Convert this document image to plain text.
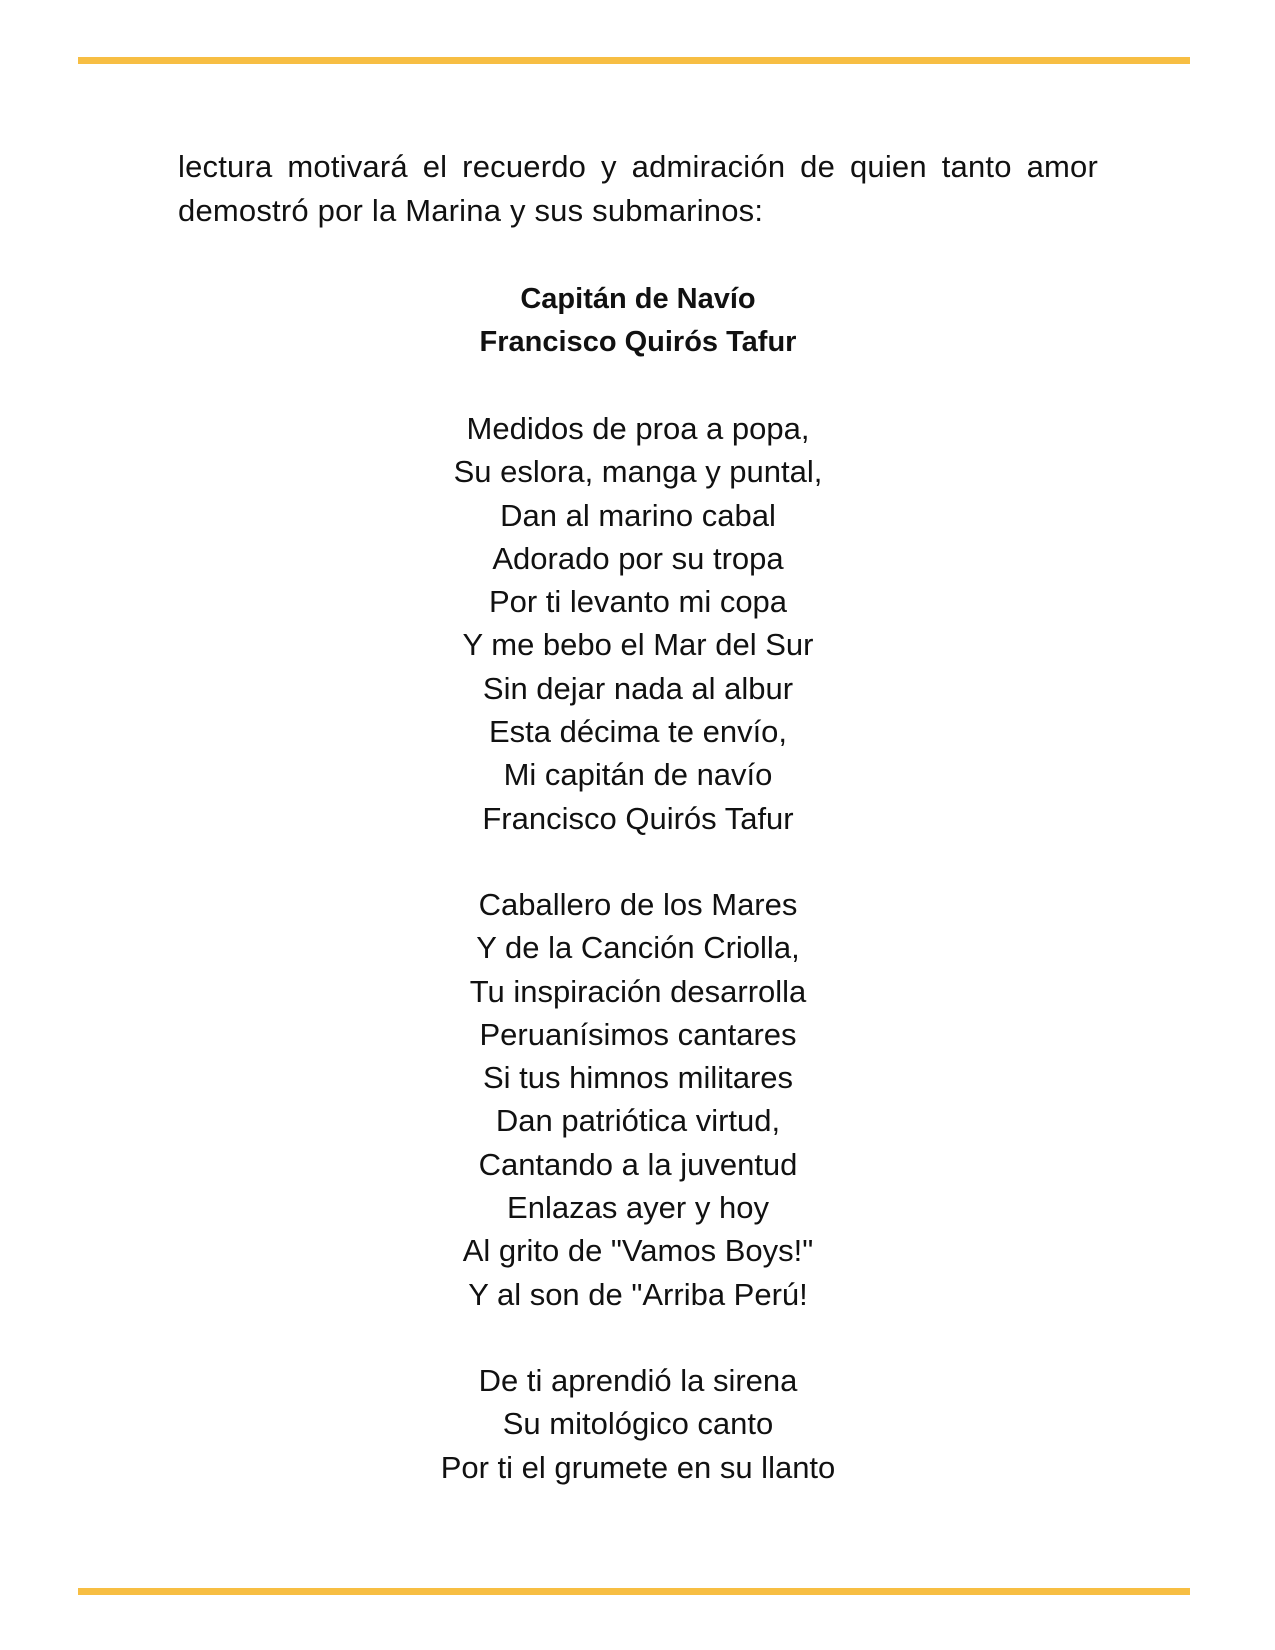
lectura motivará el recuerdo y admiración de quien tanto amor
demostró por la Marina y sus submarinos:
Capitán de Navío
Francisco Quirós Tafur
Medidos de proa a popa,
Su eslora, manga y puntal,
Dan al marino cabal
Adorado por su tropa
Por ti levanto mi copa
Y me bebo el Mar del Sur
Sin dejar nada al albur
Esta décima te envío,
Mi capitán de navío
Francisco Quirós Tafur
Caballero de los Mares
Y de la Canción Criolla,
Tu inspiración desarrolla
Peruanísimos cantares
Si tus himnos militares
Dan patriótica virtud,
Cantando a la juventud
Enlazas ayer y hoy
Al grito de "Vamos Boys!"
Y al son de "Arriba Perú!
De ti aprendió la sirena
Su mitológico canto
Por ti el grumete en su llanto
